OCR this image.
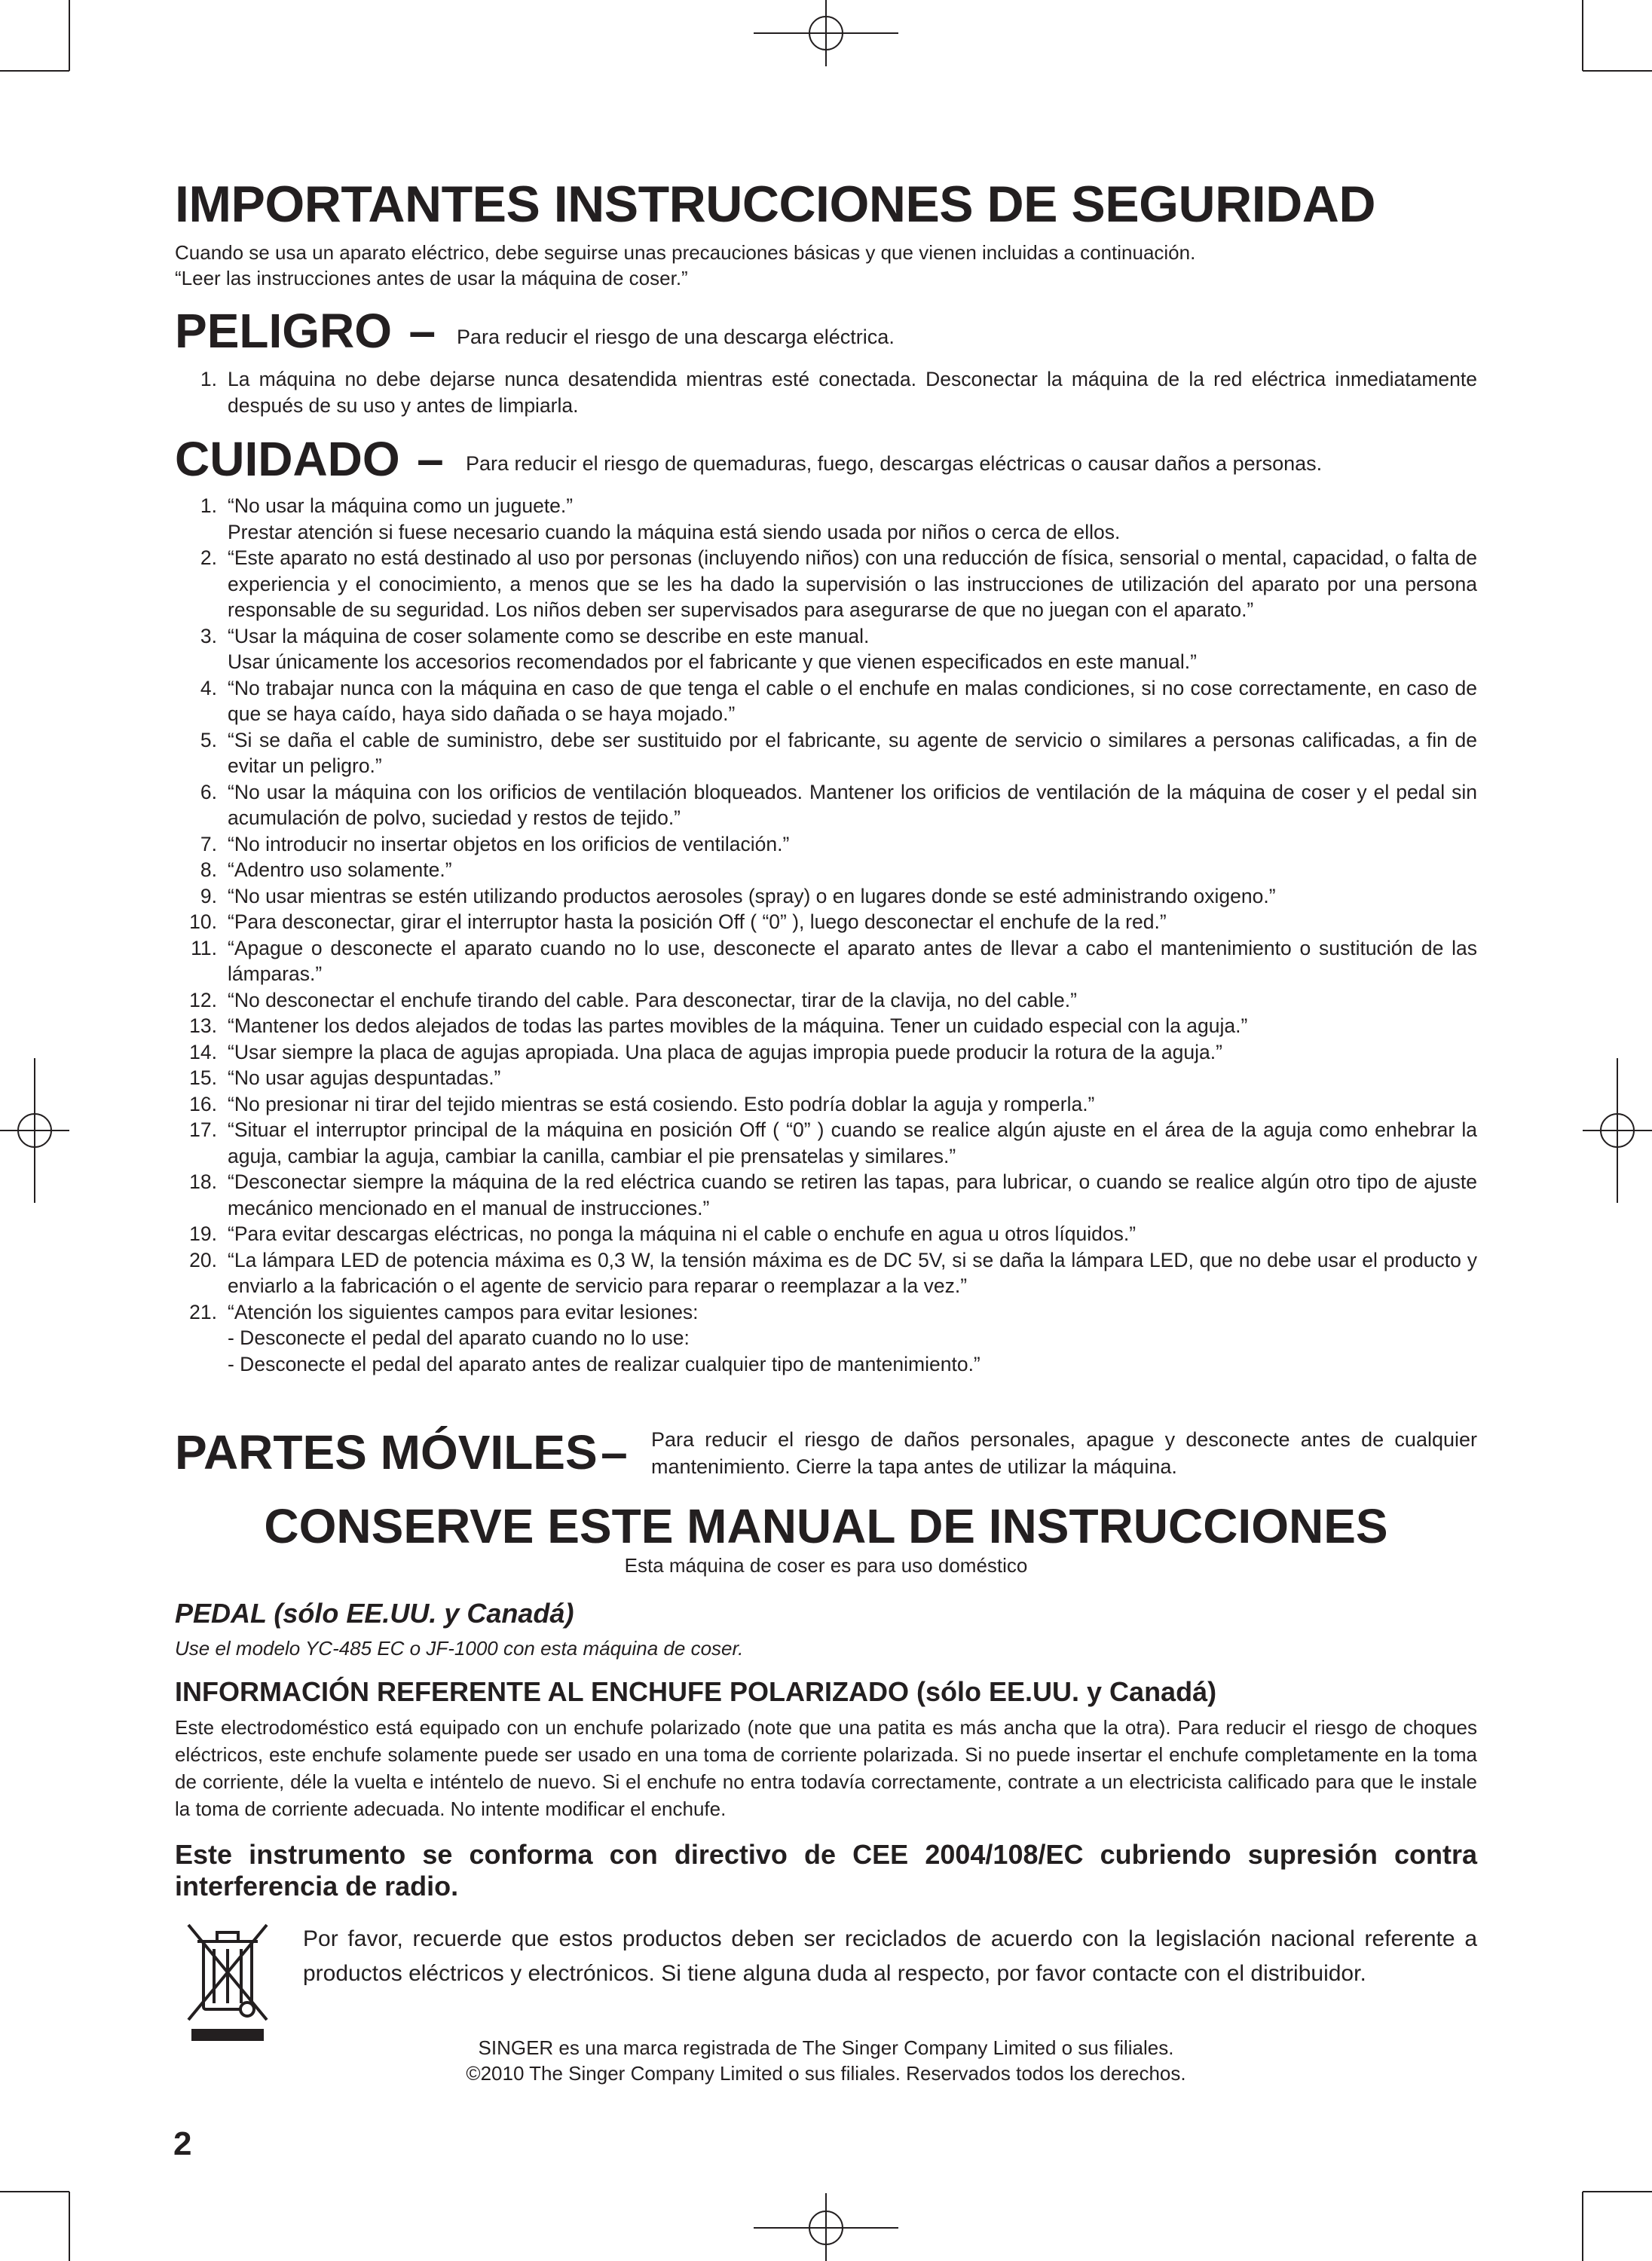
IMPORTANTES INSTRUCCIONES DE SEGURIDAD
Cuando se usa un aparato eléctrico, debe seguirse unas precauciones básicas y que vienen incluidas a continuación.
“Leer las instrucciones antes de usar la máquina de coser.”
PELIGRO – Para reducir el riesgo de una descarga eléctrica.
1. La máquina no debe dejarse nunca desatendida mientras esté conectada. Desconectar la máquina de la red eléctrica inmediatamente después de su uso y antes de limpiarla.
CUIDADO – Para reducir el riesgo de quemaduras, fuego, descargas eléctricas o causar daños a personas.
1. “No usar la máquina como un juguete.”
Prestar atención si fuese necesario cuando la máquina está siendo usada por niños o cerca de ellos.
2. “Este aparato no está destinado al uso por personas (incluyendo niños) con una reducción de física, sensorial o mental, capacidad, o falta de experiencia y el conocimiento, a menos que se les ha dado la supervisión o las instrucciones de utilización del aparato por una persona responsable de su seguridad. Los niños deben ser supervisados para asegurarse de que no juegan con el aparato.”
3. “Usar la máquina de coser solamente como se describe en este manual.
Usar únicamente los accesorios recomendados por el fabricante y que vienen especificados en este manual.”
4. “No trabajar nunca con la máquina en caso de que tenga el cable o el enchufe en malas condiciones, si no cose correctamente, en caso de que se haya caído, haya sido dañada o se haya mojado.”
5. “Si se daña el cable de suministro, debe ser sustituido por el fabricante, su agente de servicio o similares a personas calificadas, a fin de evitar un peligro.”
6. “No usar la máquina con los orificios de ventilación bloqueados. Mantener los orificios de ventilación de la máquina de coser y el pedal sin acumulación de polvo, suciedad y restos de tejido.”
7. “No introducir no insertar objetos en los orificios de ventilación.”
8. “Adentro uso solamente.”
9. “No usar mientras se estén utilizando productos aerosoles (spray) o en lugares donde se esté administrando oxigeno.”
10. “Para desconectar, girar el interruptor hasta la posición Off ( “0” ), luego desconectar el enchufe de la red.”
11. “Apague o desconecte el aparato cuando no lo use, desconecte el aparato antes de llevar a cabo el mantenimiento o sustitución de las lámparas.”
12. “No desconectar el enchufe tirando del cable. Para desconectar, tirar de la clavija, no del cable.”
13. “Mantener los dedos alejados de todas las partes movibles de la máquina. Tener un cuidado especial con la aguja.”
14. “Usar siempre la placa de agujas apropiada. Una placa de agujas impropia puede producir la rotura de la aguja.”
15. “No usar agujas despuntadas.”
16. “No presionar ni tirar del tejido mientras se está cosiendo. Esto podría doblar la aguja y romperla.”
17. “Situar el interruptor principal de la máquina en posición Off ( “0” ) cuando se realice algún ajuste en el área de la aguja como enhebrar la aguja, cambiar la aguja, cambiar la canilla, cambiar el pie prensatelas y similares.”
18. “Desconectar siempre la máquina de la red eléctrica cuando se retiren las tapas, para lubricar, o cuando se realice algún otro tipo de ajuste mecánico mencionado en el manual de instrucciones.”
19. “Para evitar descargas eléctricas, no ponga la máquina ni el cable o enchufe en agua u otros líquidos.”
20. “La lámpara LED de potencia máxima es 0,3 W, la tensión máxima es de DC 5V, si se daña la lámpara LED, que no debe usar el producto y enviarlo a la fabricación o el agente de servicio para reparar o reemplazar a la vez.”
21. “Atención los siguientes campos para evitar lesiones:
- Desconecte el pedal del aparato cuando no lo use:
- Desconecte el pedal del aparato antes de realizar cualquier tipo de mantenimiento.”
PARTES MÓVILES – Para reducir el riesgo de daños personales, apague y desconecte antes de cualquier mantenimiento. Cierre la tapa antes de utilizar la máquina.
CONSERVE ESTE MANUAL DE INSTRUCCIONES
Esta máquina de coser es para uso doméstico
PEDAL (sólo EE.UU. y Canadá)
Use el modelo YC-485 EC o JF-1000 con esta máquina de coser.
INFORMACIÓN REFERENTE AL ENCHUFE POLARIZADO (sólo EE.UU. y Canadá)
Este electrodoméstico está equipado con un enchufe polarizado (note que una patita es más ancha que la otra). Para reducir el riesgo de choques eléctricos, este enchufe solamente puede ser usado en una toma de corriente polarizada. Si no puede insertar el enchufe completamente en la toma de corriente, déle la vuelta e inténtelo de nuevo. Si el enchufe no entra todavía correctamente, contrate a un electricista calificado para que le instale la toma de corriente adecuada. No intente modificar el enchufe.
Este instrumento se conforma con directivo de CEE 2004/108/EC cubriendo supresión contra interferencia de radio.
Por favor, recuerde que estos productos deben ser reciclados de acuerdo con la legislación nacional referente a productos eléctricos y electrónicos. Si tiene alguna duda al respecto, por favor contacte con el distribuidor.
SINGER es una marca registrada de The Singer Company Limited o sus filiales.
©2010 The Singer Company Limited o sus filiales. Reservados todos los derechos.
2
